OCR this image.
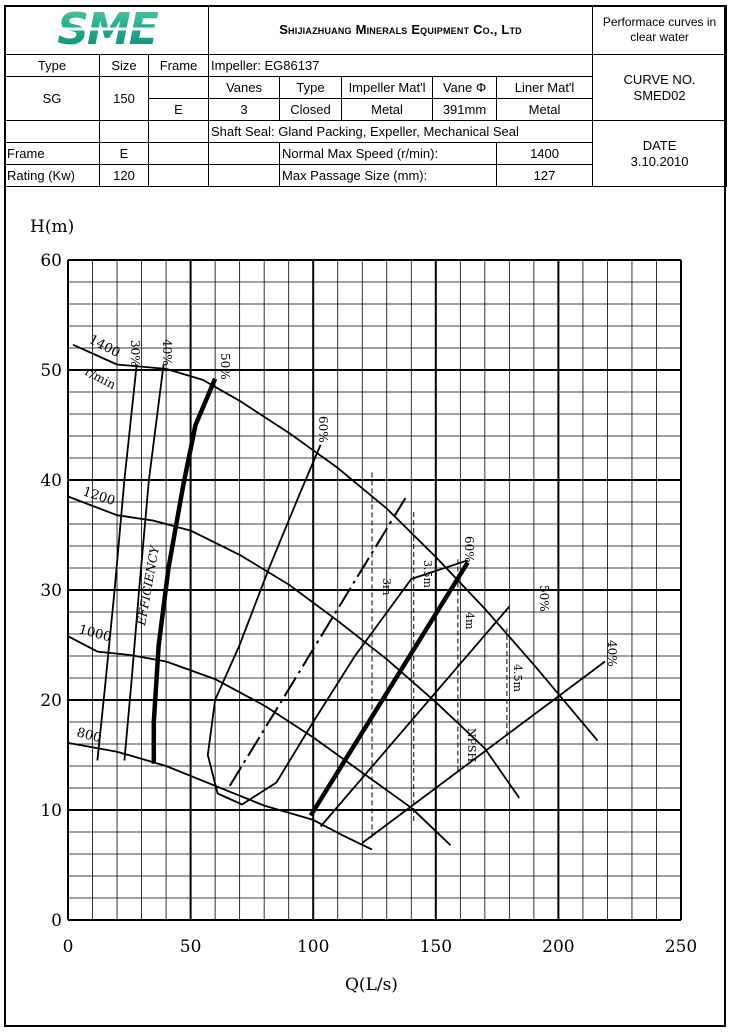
SME			Shijiazhuang Minerals Equipment Co., Ltd					Performace curves in clear water
Type	Size	Frame	Impeller: EG86137					CURVE NO.
SMED02

SG	150		Vanes	Type	Impeller Mat'l	Vane Φ	Liner Mat'l	
		E	3	Closed	Metal	391mm	Metal	
			Shaft Seal: Gland Packing, Expeller, Mechanical Seal					DATE
3.10.2010

Frame	E			Normal Max Speed (r/min):			1400	
Rating (Kw)	120			Max Passage Size (mm):			127	
0	50	100	150	200	250
0
10
20
30
40
50
60
H(m)
Q(L/s)
1400
r/min
1200
1000
800
30% 40%
50%
60%
60%
50%
40%
EFFICIENCY
NPSH
3m	3.5m
4m
4.5m
